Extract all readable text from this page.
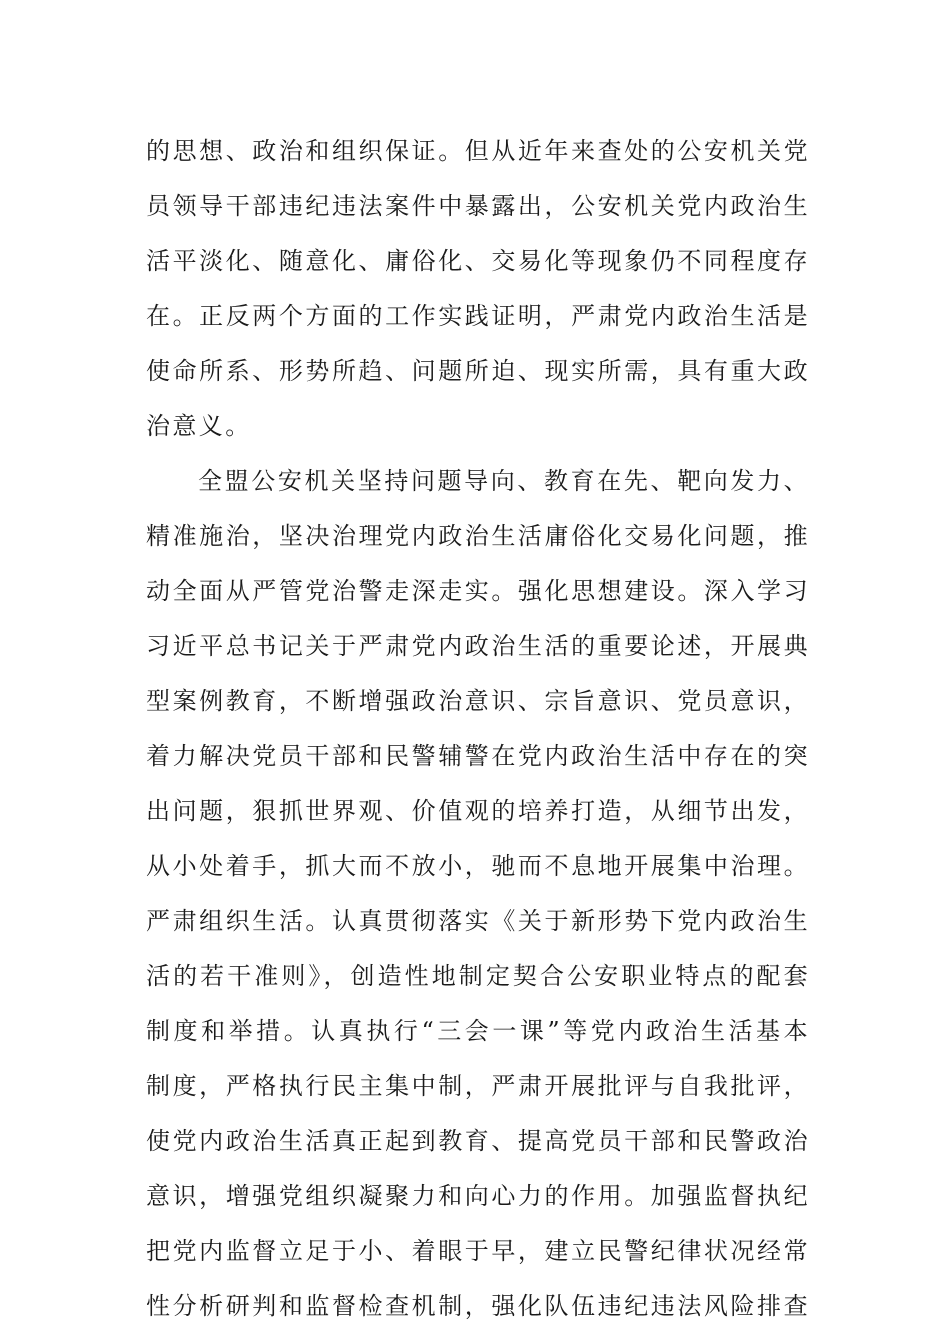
的思想、政治和组织保证。但从近年来查处的公安机关党
员领导干部违纪违法案件中暴露出，公安机关党内政治生
活平淡化、随意化、庸俗化、交易化等现象仍不同程度存
在。正反两个方面的工作实践证明，严肃党内政治生活是
使命所系、形势所趋、问题所迫、现实所需，具有重大政
治意义。
全盟公安机关坚持问题导向、教育在先、靶向发力、
精准施治，坚决治理党内政治生活庸俗化交易化问题，推
动全面从严管党治警走深走实。强化思想建设。深入学习
习近平总书记关于严肃党内政治生活的重要论述，开展典
型案例教育，不断增强政治意识、宗旨意识、党员意识，
着力解决党员干部和民警辅警在党内政治生活中存在的突
出问题，狠抓世界观、价值观的培养打造，从细节出发，
从小处着手，抓大而不放小，驰而不息地开展集中治理。
严肃组织生活。认真贯彻落实《关于新形势下党内政治生
活的若干准则》，创造性地制定契合公安职业特点的配套
制度和举措。认真执行“三会一课”等党内政治生活基本
制度，严格执行民主集中制，严肃开展批评与自我批评，
使党内政治生活真正起到教育、提高党员干部和民警政治
意识，增强党组织凝聚力和向心力的作用。加强监督执纪
把党内监督立足于小、着眼于早，建立民警纪律状况经常
性分析研判和监督检查机制，强化队伍违纪违法风险排查
